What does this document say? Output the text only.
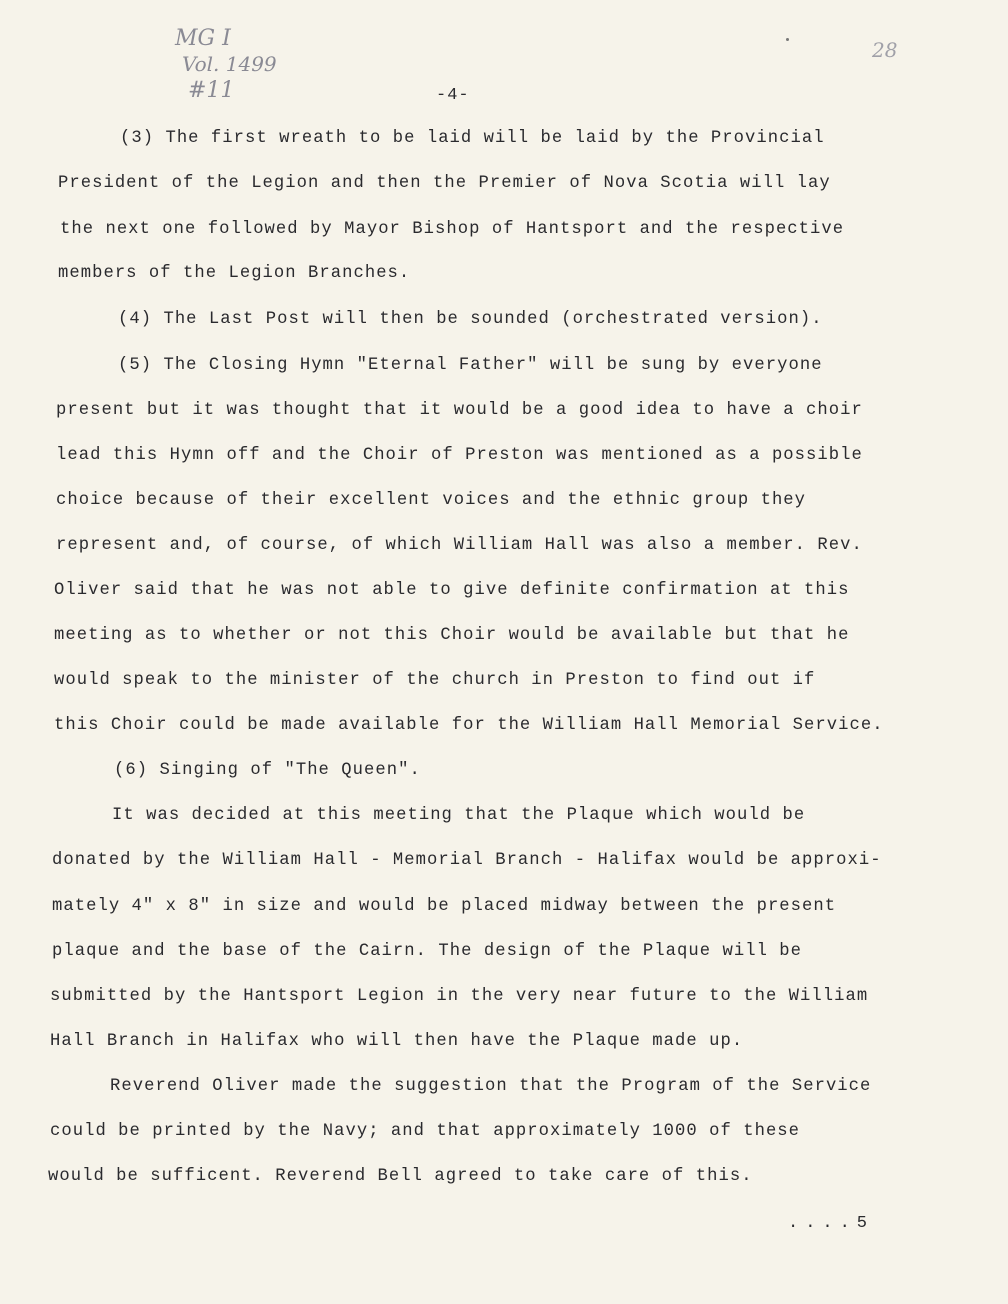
MG I
Vol. 1499
#11
28
-4-
(3) The first wreath to be laid will be laid by the Provincial
President of the Legion and then the Premier of Nova Scotia will lay
the next one followed by Mayor Bishop of Hantsport and the respective
members of the Legion Branches.
(4) The Last Post will then be sounded (orchestrated version).
(5) The Closing Hymn "Eternal Father" will be sung by everyone
present but it was thought that it would be a good idea to have a choir
lead this Hymn off and the Choir of Preston was mentioned as a possible
choice because of their excellent voices and the ethnic group they
represent and, of course, of which William Hall was also a member. Rev.
Oliver said that he was not able to give definite confirmation at this
meeting as to whether or not this Choir would be available but that he
would speak to the minister of the church in Preston to find out if
this Choir could be made available for the William Hall Memorial Service.
(6) Singing of "The Queen".
It was decided at this meeting that the Plaque which would be
donated by the William Hall - Memorial Branch - Halifax would be approxi-
mately 4" x 8" in size and would be placed midway between the present
plaque and the base of the Cairn. The design of the Plaque will be
submitted by the Hantsport Legion in the very near future to the William
Hall Branch in Halifax who will then have the Plaque made up.
Reverend Oliver made the suggestion that the Program of the Service
could be printed by the Navy; and that approximately 1000 of these
would be sufficent. Reverend Bell agreed to take care of this.
....5
